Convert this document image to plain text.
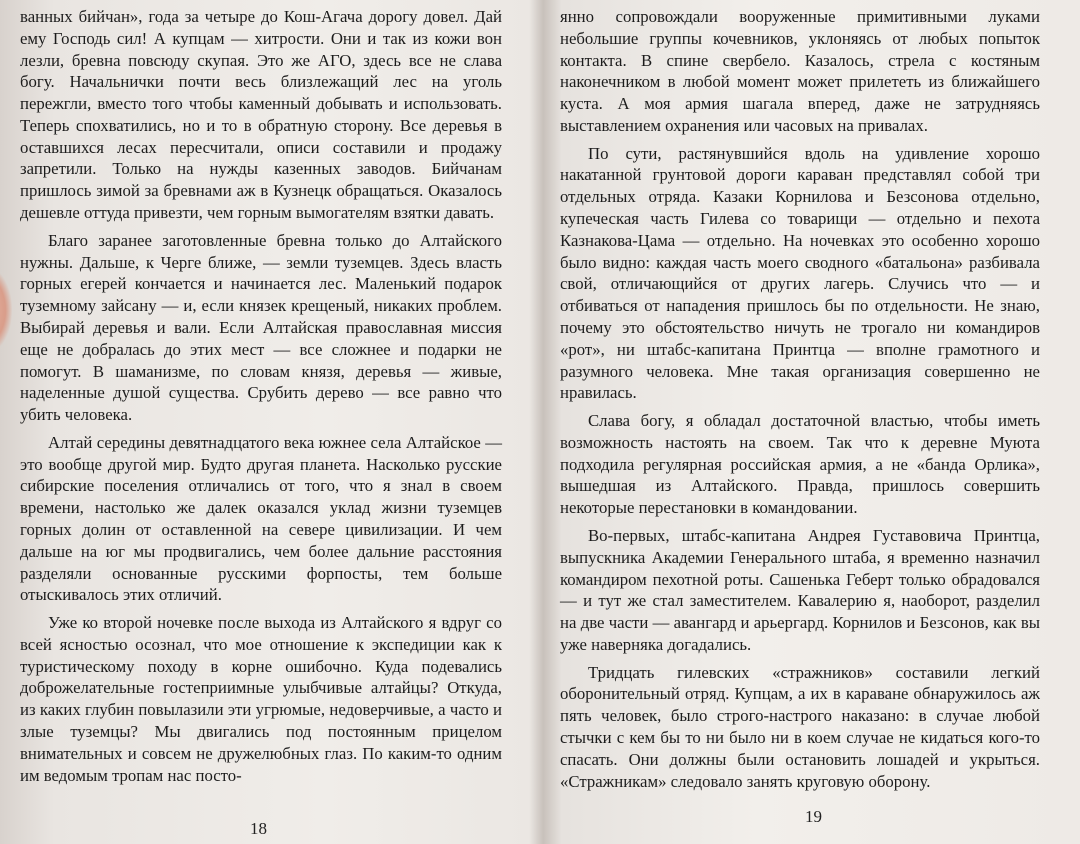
ванных бийчан», года за четыре до Кош-Агача дорогу довел. Дай ему Господь сил! А купцам — хитрости. Они и так из кожи вон лезли, бревна повсюду скупая. Это же АГО, здесь все не слава богу. Начальнички почти весь близлежащий лес на уголь пережгли, вместо того чтобы каменный добывать и использовать. Теперь спохватились, но и то в обратную сторону. Все деревья в оставшихся лесах пересчитали, описи составили и продажу запретили. Только на нужды казенных заводов. Бийчанам пришлось зимой за бревнами аж в Кузнецк обращаться. Оказалось дешевле оттуда привезти, чем горным вымогателям взятки давать.

Благо заранее заготовленные бревна только до Алтайского нужны. Дальше, к Черге ближе, — земли туземцев. Здесь власть горных егерей кончается и начинается лес. Маленький подарок туземному зайсану — и, если князек крещеный, никаких проблем. Выбирай деревья и вали. Если Алтайская православная миссия еще не добралась до этих мест — все сложнее и подарки не помогут. В шаманизме, по словам князя, деревья — живые, наделенные душой существа. Срубить дерево — все равно что убить человека.

Алтай середины девятнадцатого века южнее села Алтайское — это вообще другой мир. Будто другая планета. Насколько русские сибирские поселения отличались от того, что я знал в своем времени, настолько же далек оказался уклад жизни туземцев горных долин от оставленной на севере цивилизации. И чем дальше на юг мы продвигались, чем более дальние расстояния разделяли основанные русскими форпосты, тем больше отыскивалось этих отличий.

Уже ко второй ночевке после выхода из Алтайского я вдруг со всей ясностью осознал, что мое отношение к экспедиции как к туристическому походу в корне ошибочно. Куда подевались доброжелательные гостеприимные улыбчивые алтайцы? Откуда, из каких глубин повылазили эти угрюмые, недоверчивые, а часто и злые туземцы? Мы двигались под постоянным прицелом внимательных и совсем не дружелюбных глаз. По каким-то одним им ведомым тропам нас посто-

18

янно сопровождали вооруженные примитивными луками небольшие группы кочевников, уклоняясь от любых попыток контакта. В спине свербело. Казалось, стрела с костяным наконечником в любой момент может прилететь из ближайшего куста. А моя армия шагала вперед, даже не затрудняясь выставлением охранения или часовых на привалах.

По сути, растянувшийся вдоль на удивление хорошо накатанной грунтовой дороги караван представлял собой три отдельных отряда. Казаки Корнилова и Безсонова отдельно, купеческая часть Гилева со товарищи — отдельно и пехота Казнакова-Цама — отдельно. На ночевках это особенно хорошо было видно: каждая часть моего сводного «батальона» разбивала свой, отличающийся от других лагерь. Случись что — и отбиваться от нападения пришлось бы по отдельности. Не знаю, почему это обстоятельство ничуть не трогало ни командиров «рот», ни штабс-капитана Принтца — вполне грамотного и разумного человека. Мне такая организация совершенно не нравилась.

Слава богу, я обладал достаточной властью, чтобы иметь возможность настоять на своем. Так что к деревне Муюта подходила регулярная российская армия, а не «банда Орлика», вышедшая из Алтайского. Правда, пришлось совершить некоторые перестановки в командовании.

Во-первых, штабс-капитана Андрея Густавовича Принтца, выпускника Академии Генерального штаба, я временно назначил командиром пехотной роты. Сашенька Геберт только обрадовался — и тут же стал заместителем. Кавалерию я, наоборот, разделил на две части — авангард и арьергард. Корнилов и Безсонов, как вы уже наверняка догадались.

Тридцать гилевских «стражников» составили легкий оборонительный отряд. Купцам, а их в караване обнаружилось аж пять человек, было строго-настрого наказано: в случае любой стычки с кем бы то ни было ни в коем случае не кидаться кого-то спасать. Они должны были остановить лошадей и укрыться. «Стражникам» следовало занять круговую оборону.

19
